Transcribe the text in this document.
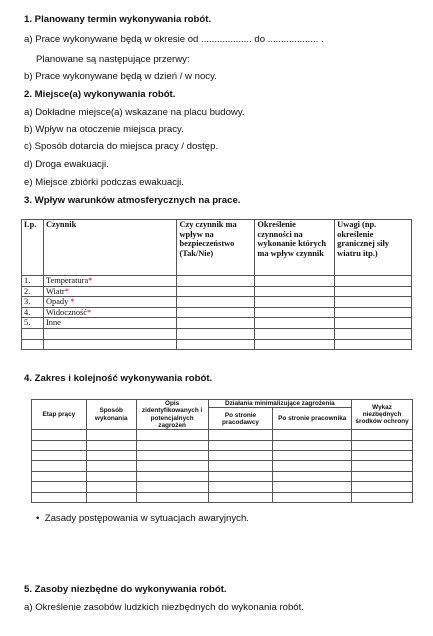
1. Planowany termin wykonywania robót.
a) Prace wykonywane będą w okresie od ................... do ................... .
Planowane są następujące przerwy:
b) Prace wykonywane będą w dzień / w nocy.
2. Miejsce(a) wykonywania robót.
a) Dokładne miejsce(a) wskazane na placu budowy.
b) Wpływ na otoczenie miejsca pracy.
c) Sposób dotarcia do miejsca pracy / dostęp.
d) Droga ewakuacji.
e) Miejsce zbiórki podczas ewakuacji.
3. Wpływ warunków atmosferycznych na prace.
Lp.	Czynnik	Czy czynnik ma wpływ na bezpieczeństwo (Tak/Nie)	Określenie czynności na wykonanie których ma wpływ czynnik	Uwagi (np. określenie granicznej siły wiatru itp.)
1.	Temperatura*			
2.	Wiatr*			
3.	Opady *			
4.	Widoczność*			
5.	Inne			

4. Zakres i kolejność wykonywania robót.
Etap prący	Sposób wykonania	Opis zidentyfikowanych i potencjalnych zagrożeń	Działania minimalizujące zagrożenia		Wykaz niezbędnych środków ochrony
			Po stronie pracodawcy	Po stronie pracownika	

•  Zasady postępowania w sytuacjach awaryjnych.
5. Zasoby niezbędne do wykonywania robót.
a) Określenie zasobów ludzkich niezbędnych do wykonania robót.
